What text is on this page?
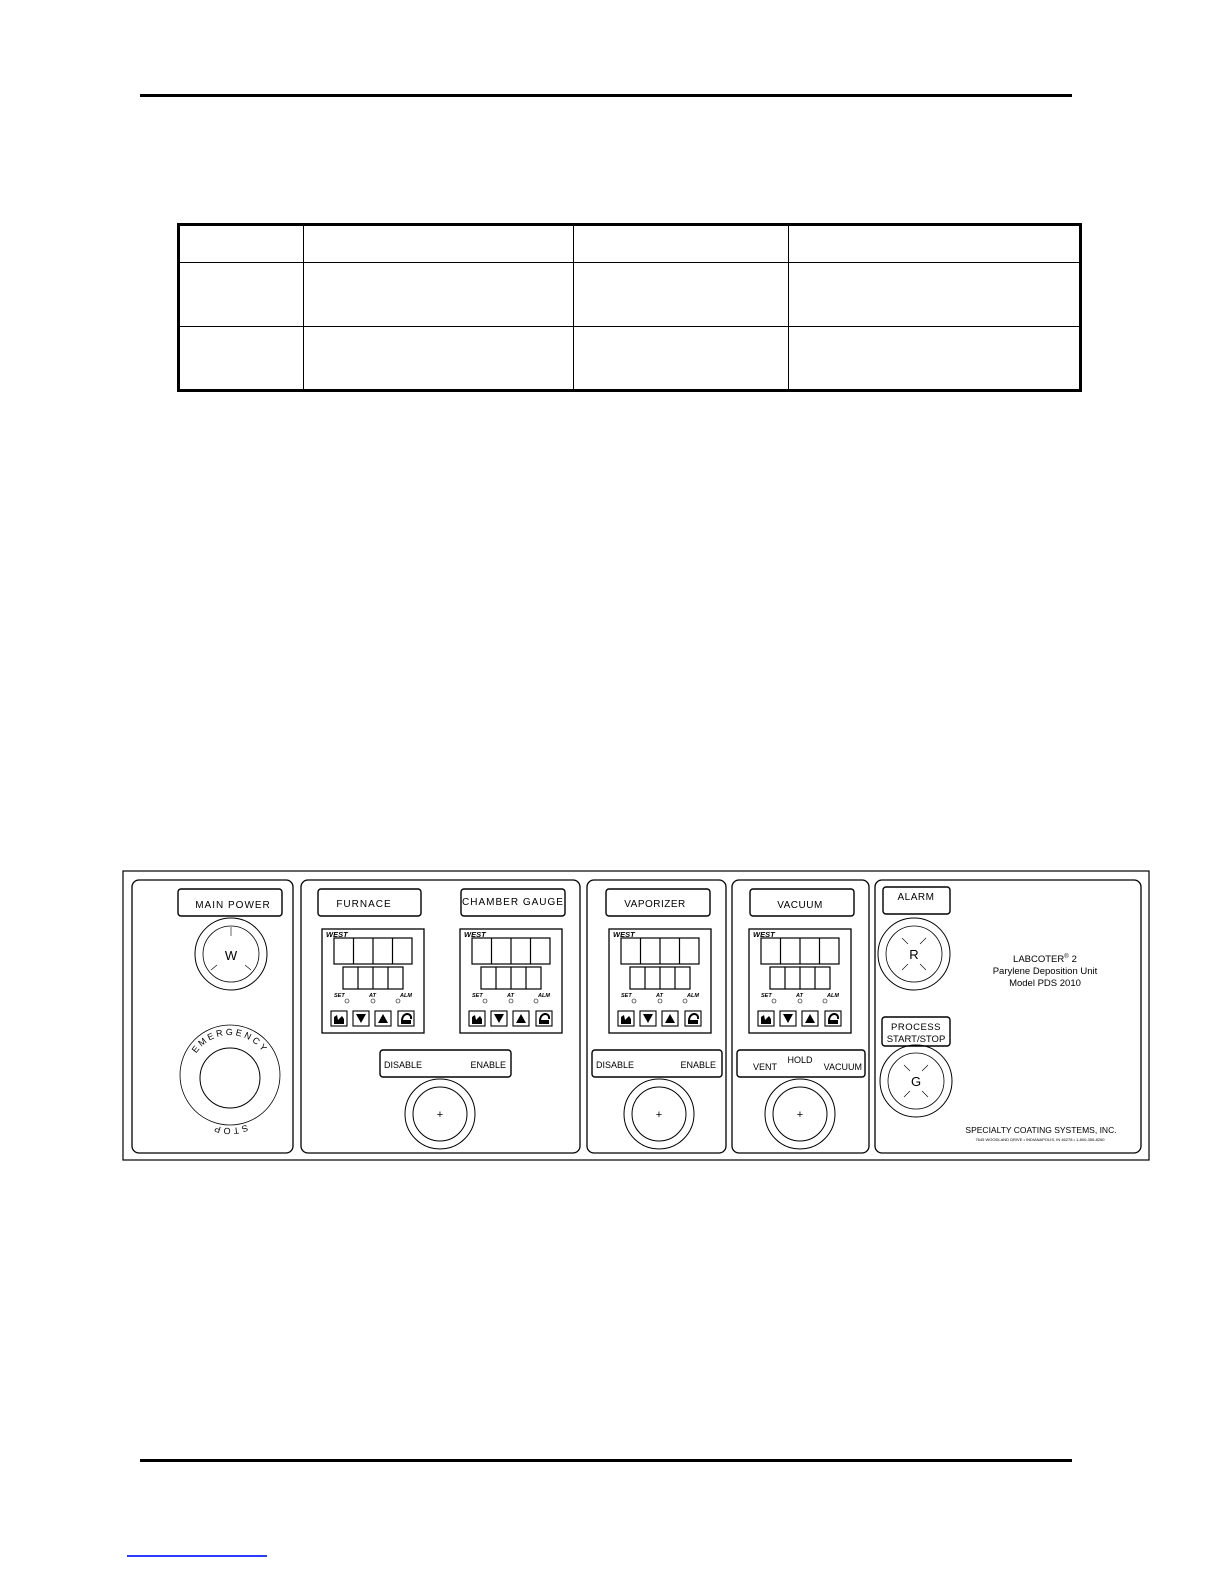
MAIN POWER
W
EMERGENCY
STOP
FURNACE	CHAMBER GAUGE
WEST
SET	AT	ALM
WEST
SET	AT	ALM
DISABLE	ENABLE
+
VAPORIZER
WEST
SET	AT	ALM
DISABLE	ENABLE
+
VACUUM
WEST
SET	AT	ALM
VENT
HOLD
VACUUM
+
ALARM
R
PROCESS
START/STOP
G
LABCOTER® 2
Parylene Deposition Unit
Model PDS 2010
SPECIALTY COATING SYSTEMS, INC.
7645 WOODLAND DRIVE • INDIANAPOLIS, IN 46278 • 1-800-356-8260
